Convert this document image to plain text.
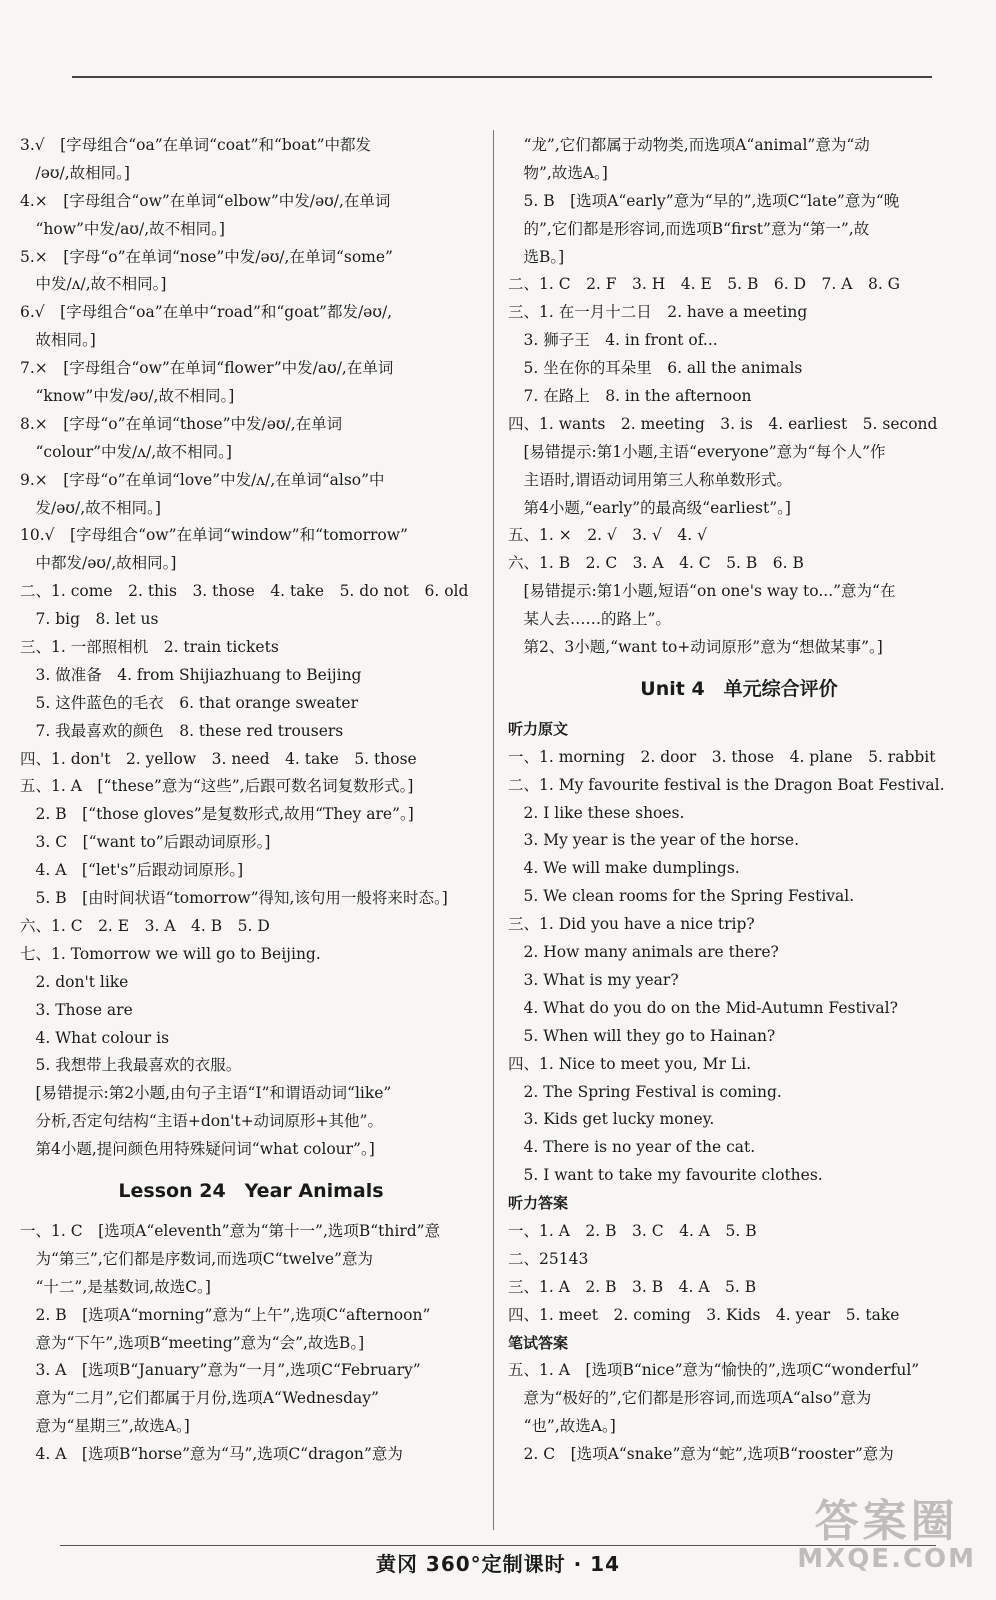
3.√　[字母组合“oa”在单词“coat”和“boat”中都发
　/əʊ/,故相同。]
4.×　[字母组合“ow”在单词“elbow”中发/əʊ/,在单词
　“how”中发/aʊ/,故不相同。]
5.×　[字母“o”在单词“nose”中发/əʊ/,在单词“some”
　中发/ʌ/,故不相同。]
6.√　[字母组合“oa”在单中“road”和“goat”都发/əʊ/,
　故相同。]
7.×　[字母组合“ow”在单词“flower”中发/aʊ/,在单词
　“know”中发/əʊ/,故不相同。]
8.×　[字母“o”在单词“those”中发/əʊ/,在单词
　“colour”中发/ʌ/,故不相同。]
9.×　[字母“o”在单词“love”中发/ʌ/,在单词“also”中
　发/əʊ/,故不相同。]
10.√　[字母组合“ow”在单词“window”和“tomorrow”
　中都发/əʊ/,故相同。]
二、1. come　2. this　3. those　4. take　5. do not　6. old
　7. big　8. let us
三、1. 一部照相机　2. train tickets
　3. 做准备　4. from Shijiazhuang to Beijing
　5. 这件蓝色的毛衣　6. that orange sweater
　7. 我最喜欢的颜色　8. these red trousers
四、1. don't　2. yellow　3. need　4. take　5. those
五、1. A　[“these”意为“这些”,后跟可数名词复数形式。]
　2. B　[“those gloves”是复数形式,故用“They are”。]
　3. C　[“want to”后跟动词原形。]
　4. A　[“let's”后跟动词原形。]
　5. B　[由时间状语“tomorrow”得知,该句用一般将来时态。]
六、1. C　2. E　3. A　4. B　5. D
七、1. Tomorrow we will go to Beijing.
　2. don't like
　3. Those are
　4. What colour is
　5. 我想带上我最喜欢的衣服。
　[易错提示:第2小题,由句子主语“I”和谓语动词“like”
　分析,否定句结构“主语+don't+动词原形+其他”。
　第4小题,提问颜色用特殊疑问词“what colour”。]
Lesson 24　Year Animals
一、1. C　[选项A“eleventh”意为“第十一”,选项B“third”意
　为“第三”,它们都是序数词,而选项C“twelve”意为
　“十二”,是基数词,故选C。]
　2. B　[选项A“morning”意为“上午”,选项C“afternoon”
　意为“下午”,选项B“meeting”意为“会”,故选B。]
　3. A　[选项B“January”意为“一月”,选项C“February”
　意为“二月”,它们都属于月份,选项A“Wednesday”
　意为“星期三”,故选A。]
　4. A　[选项B“horse”意为“马”,选项C“dragon”意为
　“龙”,它们都属于动物类,而选项A“animal”意为“动
　物”,故选A。]
　5. B　[选项A“early”意为“早的”,选项C“late”意为“晚
　的”,它们都是形容词,而选项B“first”意为“第一”,故
　选B。]
二、1. C　2. F　3. H　4. E　5. B　6. D　7. A　8. G
三、1. 在一月十二日　2. have a meeting
　3. 狮子王　4. in front of...
　5. 坐在你的耳朵里　6. all the animals
　7. 在路上　8. in the afternoon
四、1. wants　2. meeting　3. is　4. earliest　5. second
　[易错提示:第1小题,主语“everyone”意为“每个人”作
　主语时,谓语动词用第三人称单数形式。
　第4小题,“early”的最高级“earliest”。]
五、1. ×　2. √　3. √　4. √
六、1. B　2. C　3. A　4. C　5. B　6. B
　[易错提示:第1小题,短语“on one's way to...”意为“在
　某人去……的路上”。
　第2、3小题,“want to+动词原形”意为“想做某事”。]
Unit 4　单元综合评价
听力原文
一、1. morning　2. door　3. those　4. plane　5. rabbit
二、1. My favourite festival is the Dragon Boat Festival.
　2. I like these shoes.
　3. My year is the year of the horse.
　4. We will make dumplings.
　5. We clean rooms for the Spring Festival.
三、1. Did you have a nice trip?
　2. How many animals are there?
　3. What is my year?
　4. What do you do on the Mid-Autumn Festival?
　5. When will they go to Hainan?
四、1. Nice to meet you, Mr Li.
　2. The Spring Festival is coming.
　3. Kids get lucky money.
　4. There is no year of the cat.
　5. I want to take my favourite clothes.
听力答案
一、1. A　2. B　3. C　4. A　5. B
二、25143
三、1. A　2. B　3. B　4. A　5. B
四、1. meet　2. coming　3. Kids　4. year　5. take
笔试答案
五、1. A　[选项B“nice”意为“愉快的”,选项C“wonderful”
　意为“极好的”,它们都是形容词,而选项A“also”意为
　“也”,故选A。]
　2. C　[选项A“snake”意为“蛇”,选项B“rooster”意为
黄冈 360°定制课时 · 14
答案圈
MXQE.COM
